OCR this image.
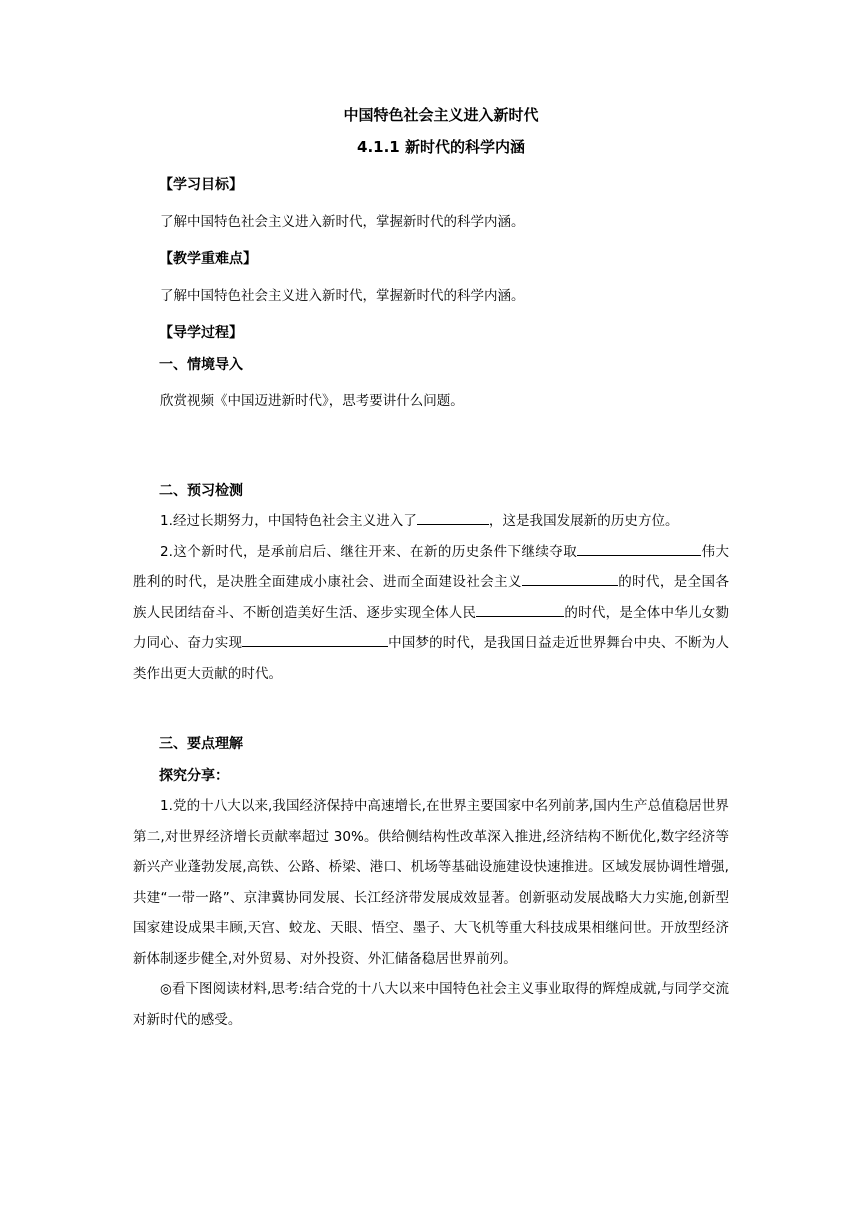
中国特色社会主义进入新时代

4.1.1 新时代的科学内涵

【学习目标】

了解中国特色社会主义进入新时代，掌握新时代的科学内涵。

【教学重难点】

了解中国特色社会主义进入新时代，掌握新时代的科学内涵。

【导学过程】

一、情境导入

欣赏视频《中国迈进新时代》，思考要讲什么问题。

二、预习检测

1.经过长期努力，中国特色社会主义进入了	，这是我国发展新的历史方位。

2.这个新时代，是承前启后、继往开来、在新的历史条件下继续夺取	伟大胜利的时代，是决胜全面建成小康社会、进而全面建设社会主义	的时代，是全国各族人民团结奋斗、不断创造美好生活、逐步实现全体人民	的时代，是全体中华儿女勠力同心、奋力实现	中国梦的时代，是我国日益走近世界舞台中央、不断为人类作出更大贡献的时代。

三、要点理解

探究分享：

1.党的十八大以来,我国经济保持中高速增长,在世界主要国家中名列前茅,国内生产总值稳居世界第二,对世界经济增长贡献率超过 30%。供给侧结构性改革深入推进,经济结构不断优化,数字经济等新兴产业蓬勃发展,高铁、公路、桥梁、港口、机场等基础设施建设快速推进。区域发展协调性增强,共建“一带一路”、京津冀协同发展、长江经济带发展成效显著。创新驱动发展战略大力实施,创新型国家建设成果丰顾,天宫、蛟龙、天眼、悟空、墨子、大飞机等重大科技成果相继问世。开放型经济新体制逐步健全,对外贸易、对外投资、外汇储备稳居世界前列。

◎看下图阅读材料,思考:结合党的十八大以来中国特色社会主义事业取得的辉煌成就,与同学交流对新时代的感受。
